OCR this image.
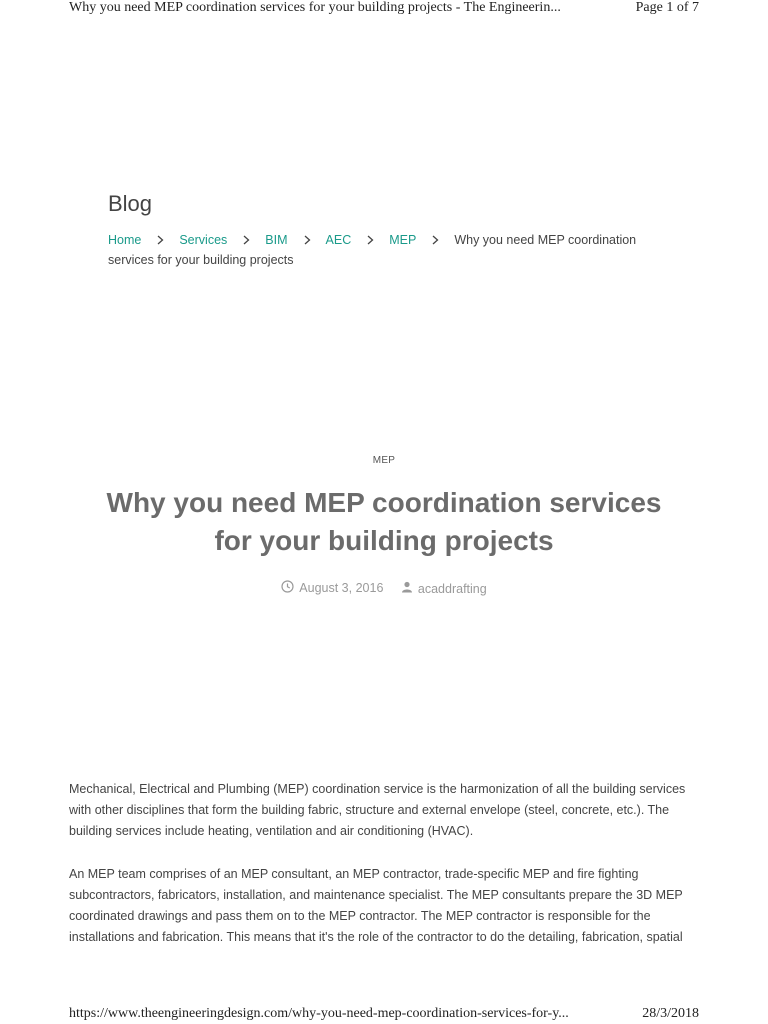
Why you need MEP coordination services for your building projects - The Engineerin...	Page 1 of 7
Blog
Home	Services	BIM	AEC	MEP	Why you need MEP coordination services for your building projects
MEP
Why you need MEP coordination services for your building projects
August 3, 2016
	acaddrafting

Mechanical, Electrical and Plumbing (MEP) coordination service is the harmonization of all the building services with other disciplines that form the building fabric, structure and external envelope (steel, concrete, etc.). The building services include heating, ventilation and air conditioning (HVAC).

An MEP team comprises of an MEP consultant, an MEP contractor, trade-specific MEP and fire fighting subcontractors, fabricators, installation, and maintenance specialist. The MEP consultants prepare the 3D MEP coordinated drawings and pass them on to the MEP contractor. The MEP contractor is responsible for the installations and fabrication. This means that it's the role of the contractor to do the detailing, fabrication, spatial

https://www.theengineeringdesign.com/why-you-need-mep-coordination-services-for-y...	28/3/2018
